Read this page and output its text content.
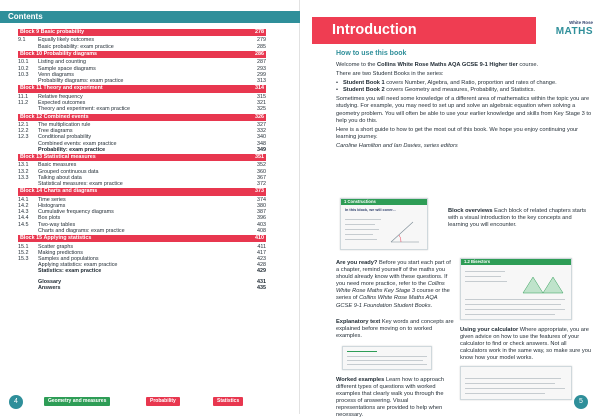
Contents
Block 9 Basic probability	278
9.1	Equally likely outcomes	279
Basic probability: exam practice	285
Block 10 Probability diagrams	286
10.1	Listing and counting	287
10.2	Sample space diagrams	293
10.3	Venn diagrams	299
Probability diagrams: exam practice	313
Block 11 Theory and experiment	314
11.1	Relative frequency	315
11.2	Expected outcomes	321
Theory and experiment: exam practice	325
Block 12 Combined events	326
12.1	The multiplication rule	327
12.2	Tree diagrams	332
12.3	Conditional probability	340
Combined events: exam practice	348
Probability: exam practice	349
Block 13 Statistical measures	351
13.1	Basic measures	352
13.2	Grouped continuous data	360
13.3	Talking about data	367
Statistical measures: exam practice	372
Block 14 Charts and diagrams	373
14.1	Time series	374
14.2	Histograms	380
14.3	Cumulative frequency diagrams	387
14.4	Box plots	396
14.5	Two-way tables	403
Charts and diagrams: exam practice	408
Block 15 Applying statistics	410
15.1	Scatter graphs	411
15.2	Making predictions	417
15.3	Samples and populations	423
Applying statistics: exam practice	428
Statistics: exam practice	429
Glossary	431
Answers	435
4	Geometry and measures	Probability	Statistics
Introduction	White Rose
MATHS
How to use this book

Welcome to the Collins White Rose Maths AQA GCSE 9-1 Higher tier course.

There are two Student Books in the series:

• Student Book 1 covers Number, Algebra, and Ratio, proportion and rates of change.
• Student Book 2 covers Geometry and measures, Probability, and Statistics.

Sometimes you will need some knowledge of a different area of mathematics within the topic you are studying. For example, you may need to set up and solve an algebraic equation when solving a geometry problem. You will often be able to use your earlier knowledge and skills from Key Stage 3 to help you do this.

Here is a short guide to how to get the most out of this book. We hope you enjoy continuing your learning journey.

Caroline Hamilton and Ian Davies, series editors

1 Constructions
In this block, we will cover...	Block overviews Each block of related chapters starts with a visual introduction to the key concepts and learning you will encounter.
Are you ready? Before you start each part of a chapter, remind yourself of the maths you should already know with these questions. If you need more practice, refer to the Collins White Rose Maths Key Stage 3 course or the series of Collins White Rose Maths AQA GCSE 9-1 Foundation Student Books.
Explanatory text Key words and concepts are explained before moving on to worked examples.
1.2 Bisectors
Using your calculator Where appropriate, you are given advice on how to use the features of your calculator to find or check answers. Not all calculators work in the same way, so make sure you know how your model works.
Worked examples Learn how to approach different types of questions with worked examples that clearly walk you through the process of answering. Visual representations are provided to help when necessary.
5
